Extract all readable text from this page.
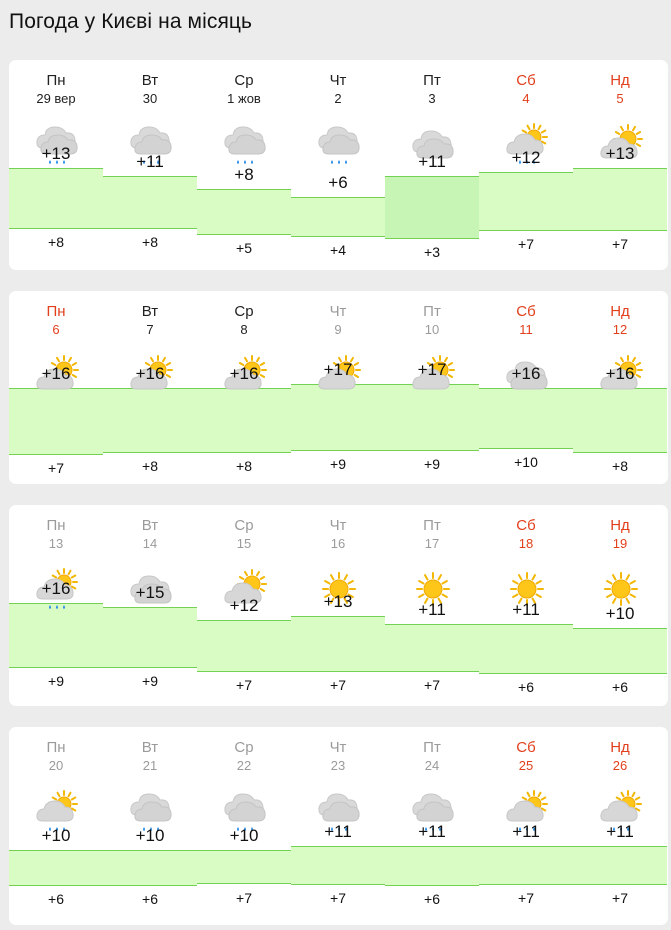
Погода у Києві на місяць
Пн
29 вер
+13
+8
Вт
30
+11
+8
Ср
1 жов
+8
+5
Чт
2
+6
+4
Пт
3
+11
+3
Сб
4
+12
+7
Нд
5
+13
+7
Пн
6
+16
+7
Вт
7
+16
+8
Ср
8
+16
+8
Чт
9
+17
+9
Пт
10
+17
+9
Сб
11
+16
+10
Нд
12
+16
+8
Пн
13
+16
+9
Вт
14
+15
+9
Ср
15
+12
+7
Чт
16
+13
+7
Пт
17
+11
+7
Сб
18
+11
+6
Нд
19
+10
+6
Пн
20
+10
+6
Вт
21
+10
+6
Ср
22
+10
+7
Чт
23
+11
+7
Пт
24
+11
+6
Сб
25
+11
+7
Нд
26
+11
+7
